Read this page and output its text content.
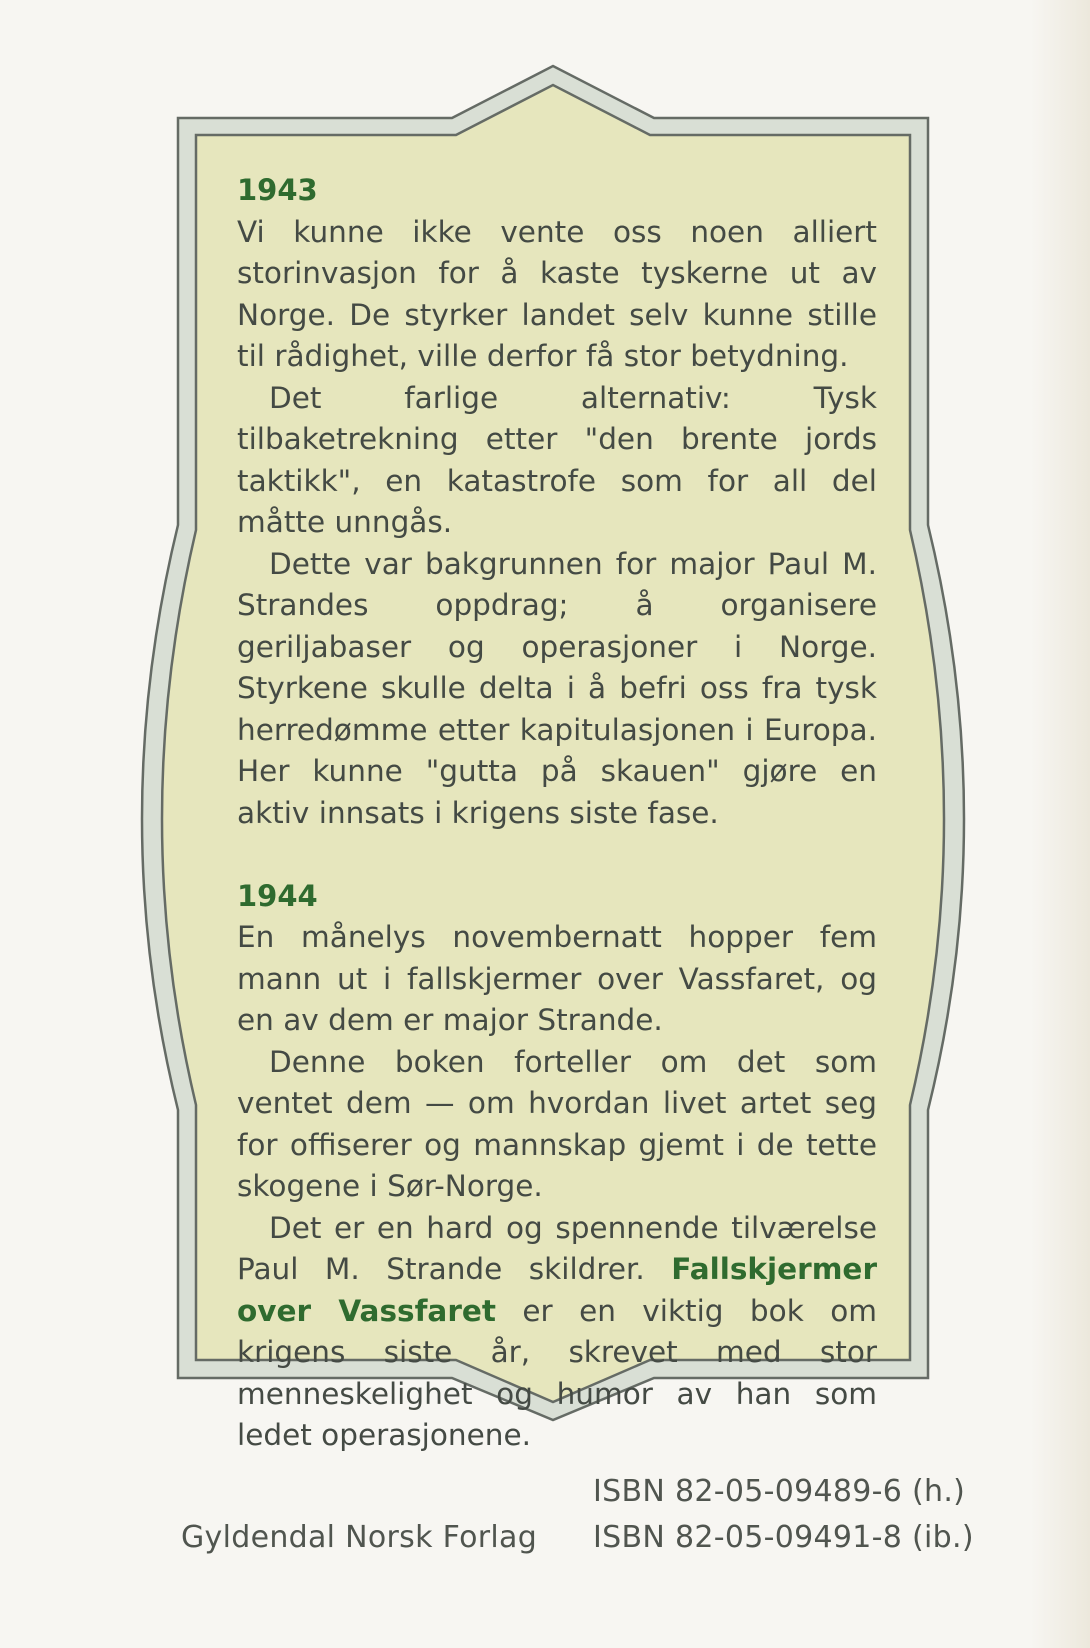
1943

Vi kunne ikke vente oss noen alliert storinvasjon for å kaste tyskerne ut av Norge. De styrker landet selv kunne stille til rådighet, ville derfor få stor betydning.

Det farlige alternativ: Tysk tilbaketrekning etter "den brente jords taktikk", en katastrofe som for all del måtte unngås.

Dette var bakgrunnen for major Paul M. Strandes oppdrag; å organisere geriljabaser og operasjoner i Norge. Styrkene skulle delta i å befri oss fra tysk herredømme etter kapitulasjonen i Europa. Her kunne "gutta på skauen" gjøre en aktiv innsats i krigens siste fase.

1944

En månelys novembernatt hopper fem mann ut i fallskjermer over Vassfaret, og en av dem er major Strande.

Denne boken forteller om det som ventet dem — om hvordan livet artet seg for offiserer og mannskap gjemt i de tette skogene i Sør-Norge.

Det er en hard og spennende tilværelse Paul M. Strande skildrer. Fallskjermer over Vassfaret er en viktig bok om krigens siste år, skrevet med stor menneskelighet og humor av han som ledet operasjonene.

Gyldendal Norsk Forlag
ISBN 82-05-09489-6 (h.)
ISBN 82-05-09491-8 (ib.)
